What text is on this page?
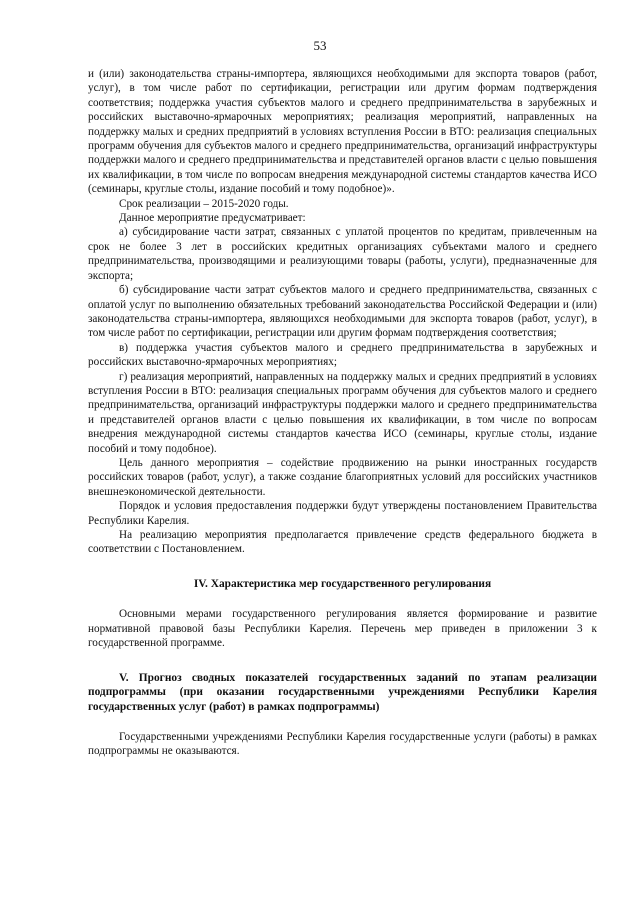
53

и (или) законодательства страны-импортера, являющихся необходимыми для экспорта товаров (работ, услуг), в том числе работ по сертификации, регистрации или другим формам подтверждения соответствия; поддержка участия субъектов малого и среднего предпринимательства в зарубежных и российских выставочно-ярмарочных мероприятиях; реализация мероприятий, направленных на поддержку малых и средних предприятий в условиях вступления России в ВТО: реализация специальных программ обучения для субъектов малого и среднего предпринимательства, организаций инфраструктуры поддержки малого и среднего предпринимательства и представителей органов власти с целью повышения их квалификации, в том числе по вопросам внедрения международной системы стандартов качества ИСО (семинары, круглые столы, издание пособий и тому подобное)».

Срок реализации – 2015-2020 годы.

Данное мероприятие предусматривает:

а) субсидирование части затрат, связанных с уплатой процентов по кредитам, привлеченным на срок не более 3 лет в российских кредитных организациях субъектами малого и среднего предпринимательства, производящими и реализующими товары (работы, услуги), предназначенные для экспорта;

б) субсидирование части затрат субъектов малого и среднего предпринимательства, связанных с оплатой услуг по выполнению обязательных требований законодательства Российской Федерации и (или) законодательства страны-импортера, являющихся необходимыми для экспорта товаров (работ, услуг), в том числе работ по сертификации, регистрации или другим формам подтверждения соответствия;

в) поддержка участия субъектов малого и среднего предпринимательства в зарубежных и российских выставочно-ярмарочных мероприятиях;

г) реализация мероприятий, направленных на поддержку малых и средних предприятий в условиях вступления России в ВТО: реализация специальных программ обучения для субъектов малого и среднего предпринимательства, организаций инфраструктуры поддержки малого и среднего предпринимательства и представителей органов власти с целью повышения их квалификации, в том числе по вопросам внедрения международной системы стандартов качества ИСО (семинары, круглые столы, издание пособий и тому подобное).

Цель данного мероприятия – содействие продвижению на рынки иностранных государств российских товаров (работ, услуг), а также создание благоприятных условий для российских участников внешнеэкономической деятельности.

Порядок и условия предоставления поддержки будут утверждены постановлением Правительства Республики Карелия.

На реализацию мероприятия предполагается привлечение средств федерального бюджета в соответствии с Постановлением.

IV. Характеристика мер государственного регулирования

Основными мерами государственного регулирования является формирование и развитие нормативной правовой базы Республики Карелия. Перечень мер приведен в приложении 3 к государственной программе.

V. Прогноз сводных показателей государственных заданий по этапам реализации подпрограммы (при оказании государственными учреждениями Республики Карелия государственных услуг (работ) в рамках подпрограммы)

Государственными учреждениями Республики Карелия государственные услуги (работы) в рамках подпрограммы не оказываются.
